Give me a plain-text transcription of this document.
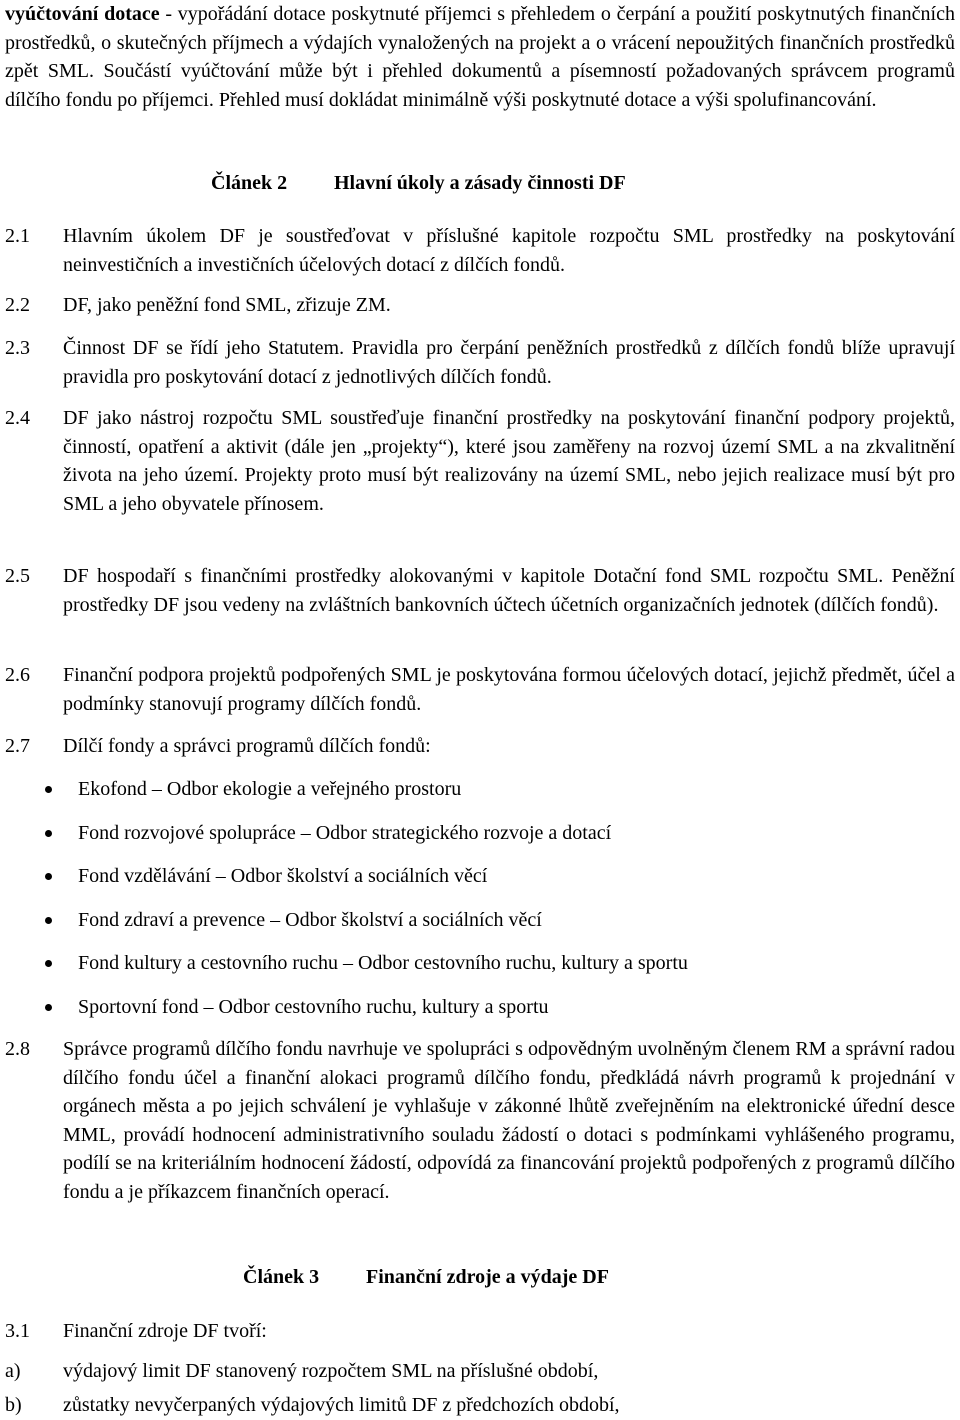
vyúčtování dotace - vypořádání dotace poskytnuté příjemci s přehledem o čerpání a použití poskytnutých finančních prostředků, o skutečných příjmech a výdajích vynaložených na projekt a o vrácení nepoužitých finančních prostředků zpět SML. Součástí vyúčtování může být i přehled dokumentů a písemností požadovaných správcem programů dílčího fondu po příjemci. Přehled musí dokládat minimálně výši poskytnuté dotace a výši spolufinancování.

Článek 2 Hlavní úkoly a zásady činnosti DF
2.1 Hlavním úkolem DF je soustřeďovat v příslušné kapitole rozpočtu SML prostředky na poskytování neinvestičních a investičních účelových dotací z dílčích fondů.
2.2 DF, jako peněžní fond SML, zřizuje ZM.
2.3 Činnost DF se řídí jeho Statutem. Pravidla pro čerpání peněžních prostředků z dílčích fondů blíže upravují pravidla pro poskytování dotací z jednotlivých dílčích fondů.
2.4 DF jako nástroj rozpočtu SML soustřeďuje finanční prostředky na poskytování finanční podpory projektů, činností, opatření a aktivit (dále jen „projekty“), které jsou zaměřeny na rozvoj území SML a na zkvalitnění života na jeho území. Projekty proto musí být realizovány na území SML, nebo jejich realizace musí být pro SML a jeho obyvatele přínosem.
2.5 DF hospodaří s finančními prostředky alokovanými v kapitole Dotační fond SML rozpočtu SML. Peněžní prostředky DF jsou vedeny na zvláštních bankovních účtech účetních organizačních jednotek (dílčích fondů).
2.6 Finanční podpora projektů podpořených SML je poskytována formou účelových dotací, jejichž předmět, účel a podmínky stanovují programy dílčích fondů.
2.7 Dílčí fondy a správci programů dílčích fondů:
Ekofond – Odbor ekologie a veřejného prostoru
Fond rozvojové spolupráce – Odbor strategického rozvoje a dotací
Fond vzdělávání – Odbor školství a sociálních věcí
Fond zdraví a prevence – Odbor školství a sociálních věcí
Fond kultury a cestovního ruchu – Odbor cestovního ruchu, kultury a sportu
Sportovní fond – Odbor cestovního ruchu, kultury a sportu
2.8 Správce programů dílčího fondu navrhuje ve spolupráci s odpovědným uvolněným členem RM a správní radou dílčího fondu účel a finanční alokaci programů dílčího fondu, předkládá návrh programů k projednání v orgánech města a po jejich schválení je vyhlašuje v zákonné lhůtě zveřejněním na elektronické úřední desce MML, provádí hodnocení administrativního souladu žádostí o dotaci s podmínkami vyhlášeného programu, podílí se na kriteriálním hodnocení žádostí, odpovídá za financování projektů podpořených z programů dílčího fondu a je příkazcem finančních operací.
Článek 3 Finanční zdroje a výdaje DF
3.1 Finanční zdroje DF tvoří:
a) výdajový limit DF stanovený rozpočtem SML na příslušné období,
b) zůstatky nevyčerpaných výdajových limitů DF z předchozích období,
